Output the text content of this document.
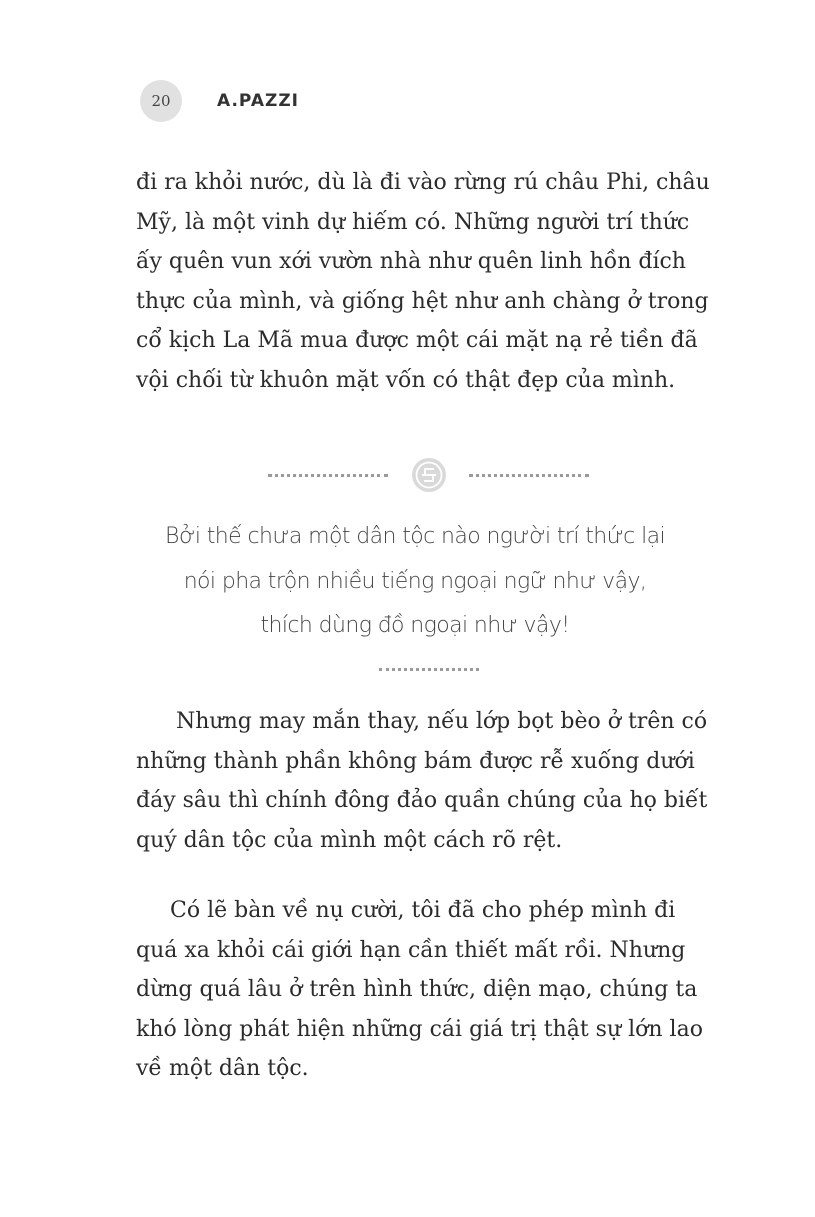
20	A.PAZZI
đi ra khỏi nước, dù là đi vào rừng rú châu Phi, châu
Mỹ, là một vinh dự hiếm có. Những người trí thức
ấy quên vun xới vườn nhà như quên linh hồn đích
thực của mình, và giống hệt như anh chàng ở trong
cổ kịch La Mã mua được một cái mặt nạ rẻ tiền đã
vội chối từ khuôn mặt vốn có thật đẹp của mình.
Bởi thế chưa một dân tộc nào người trí thức lại
nói pha trộn nhiều tiếng ngoại ngữ như vậy,
thích dùng đồ ngoại như vậy!
Nhưng may mắn thay, nếu lớp bọt bèo ở trên có
những thành phần không bám được rễ xuống dưới
đáy sâu thì chính đông đảo quần chúng của họ biết
quý dân tộc của mình một cách rõ rệt.
Có lẽ bàn về nụ cười, tôi đã cho phép mình đi
quá xa khỏi cái giới hạn cần thiết mất rồi. Nhưng
dừng quá lâu ở trên hình thức, diện mạo, chúng ta
khó lòng phát hiện những cái giá trị thật sự lớn lao
về một dân tộc.
